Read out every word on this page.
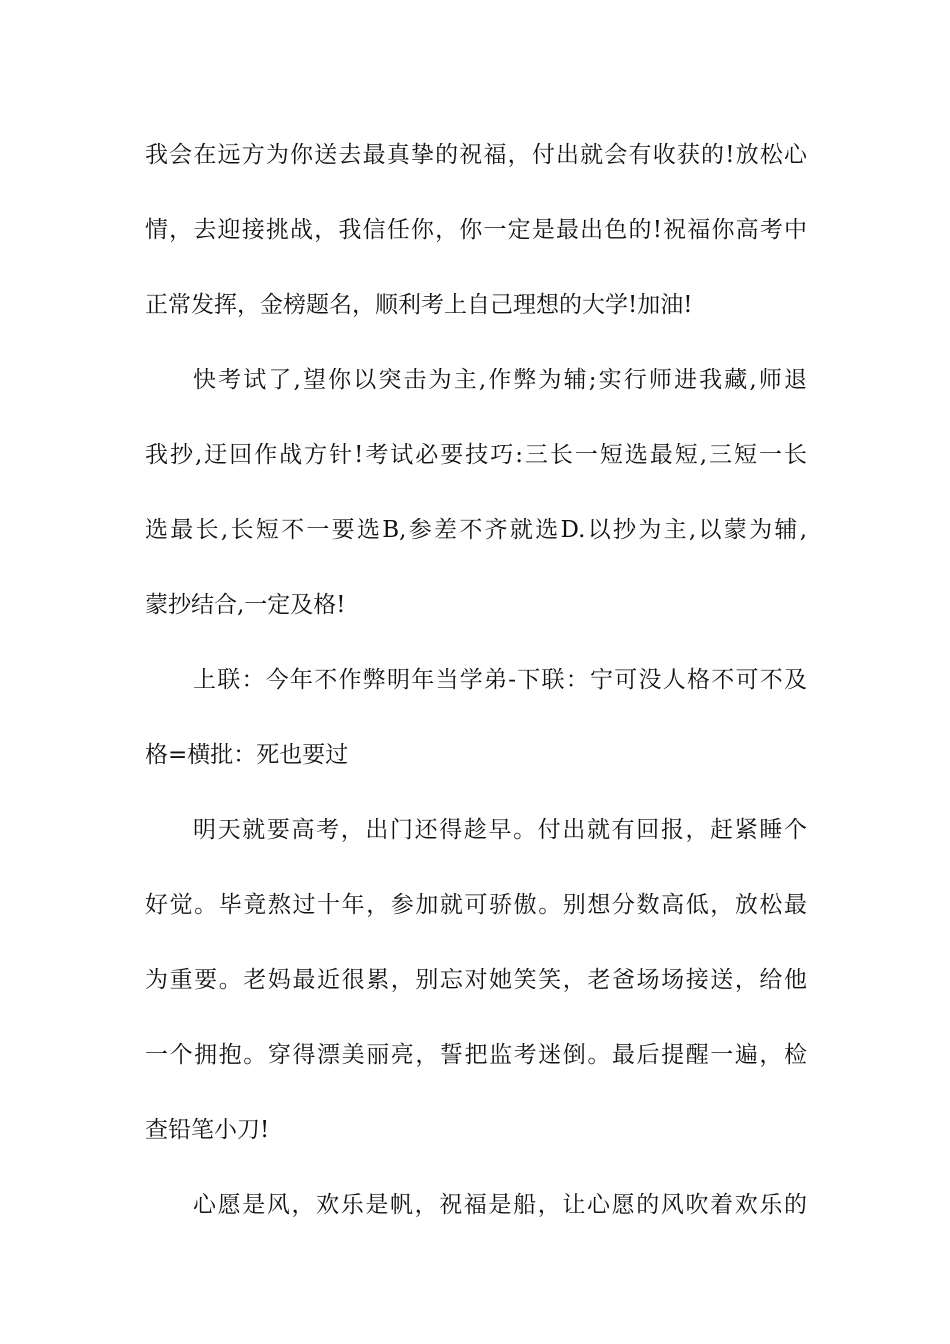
我会在远方为你送去最真挚的祝福，付出就会有收获的!放松心
情，去迎接挑战，我信任你，你一定是最出色的!祝福你高考中
正常发挥，金榜题名，顺利考上自己理想的大学!加油!
快考试了,望你以突击为主,作弊为辅;实行师进我藏,师退
我抄,迂回作战方针!考试必要技巧:三长一短选最短,三短一长
选最长,长短不一要选B,参差不齐就选D.以抄为主,以蒙为辅,
蒙抄结合,一定及格!
上联：今年不作弊明年当学弟-下联：宁可没人格不可不及
格=横批：死也要过
明天就要高考，出门还得趁早。付出就有回报，赶紧睡个
好觉。毕竟熬过十年，参加就可骄傲。别想分数高低，放松最
为重要。老妈最近很累，别忘对她笑笑，老爸场场接送，给他
一个拥抱。穿得漂美丽亮，誓把监考迷倒。最后提醒一遍，检
查铅笔小刀!
心愿是风，欢乐是帆，祝福是船，让心愿的风吹着欢乐的
